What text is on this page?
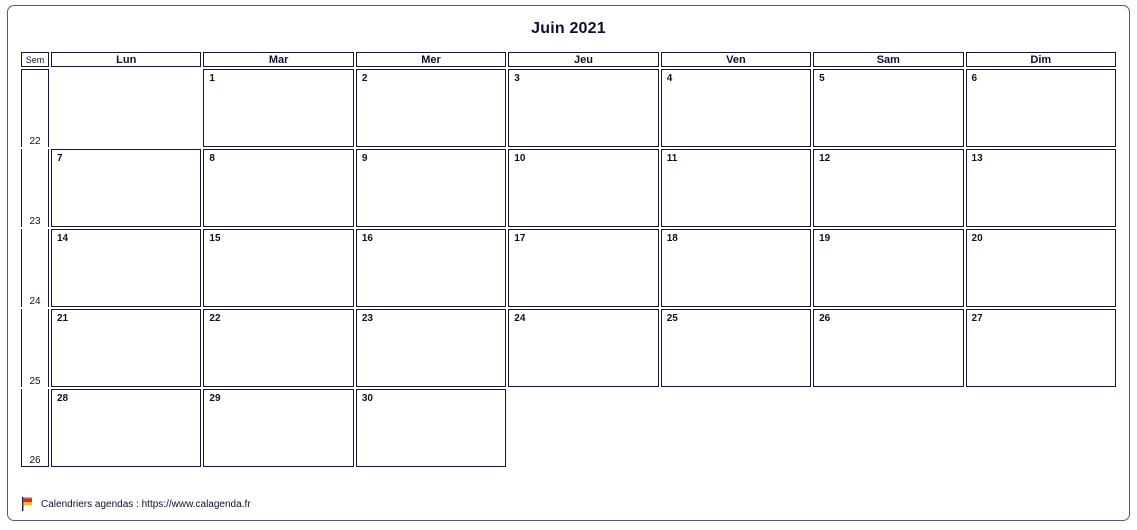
Juin 2021
Sem	Lun	Mar	Mer	Jeu	Ven	Sam	Dim
22		1	2	3	4	5	6

23	7	8	9	10	11	12	13

24	14	15	16	17	18	19	20

25	21	22	23	24	25	26	27

26	28	29	30				

Calendriers agendas : https://www.calagenda.fr
